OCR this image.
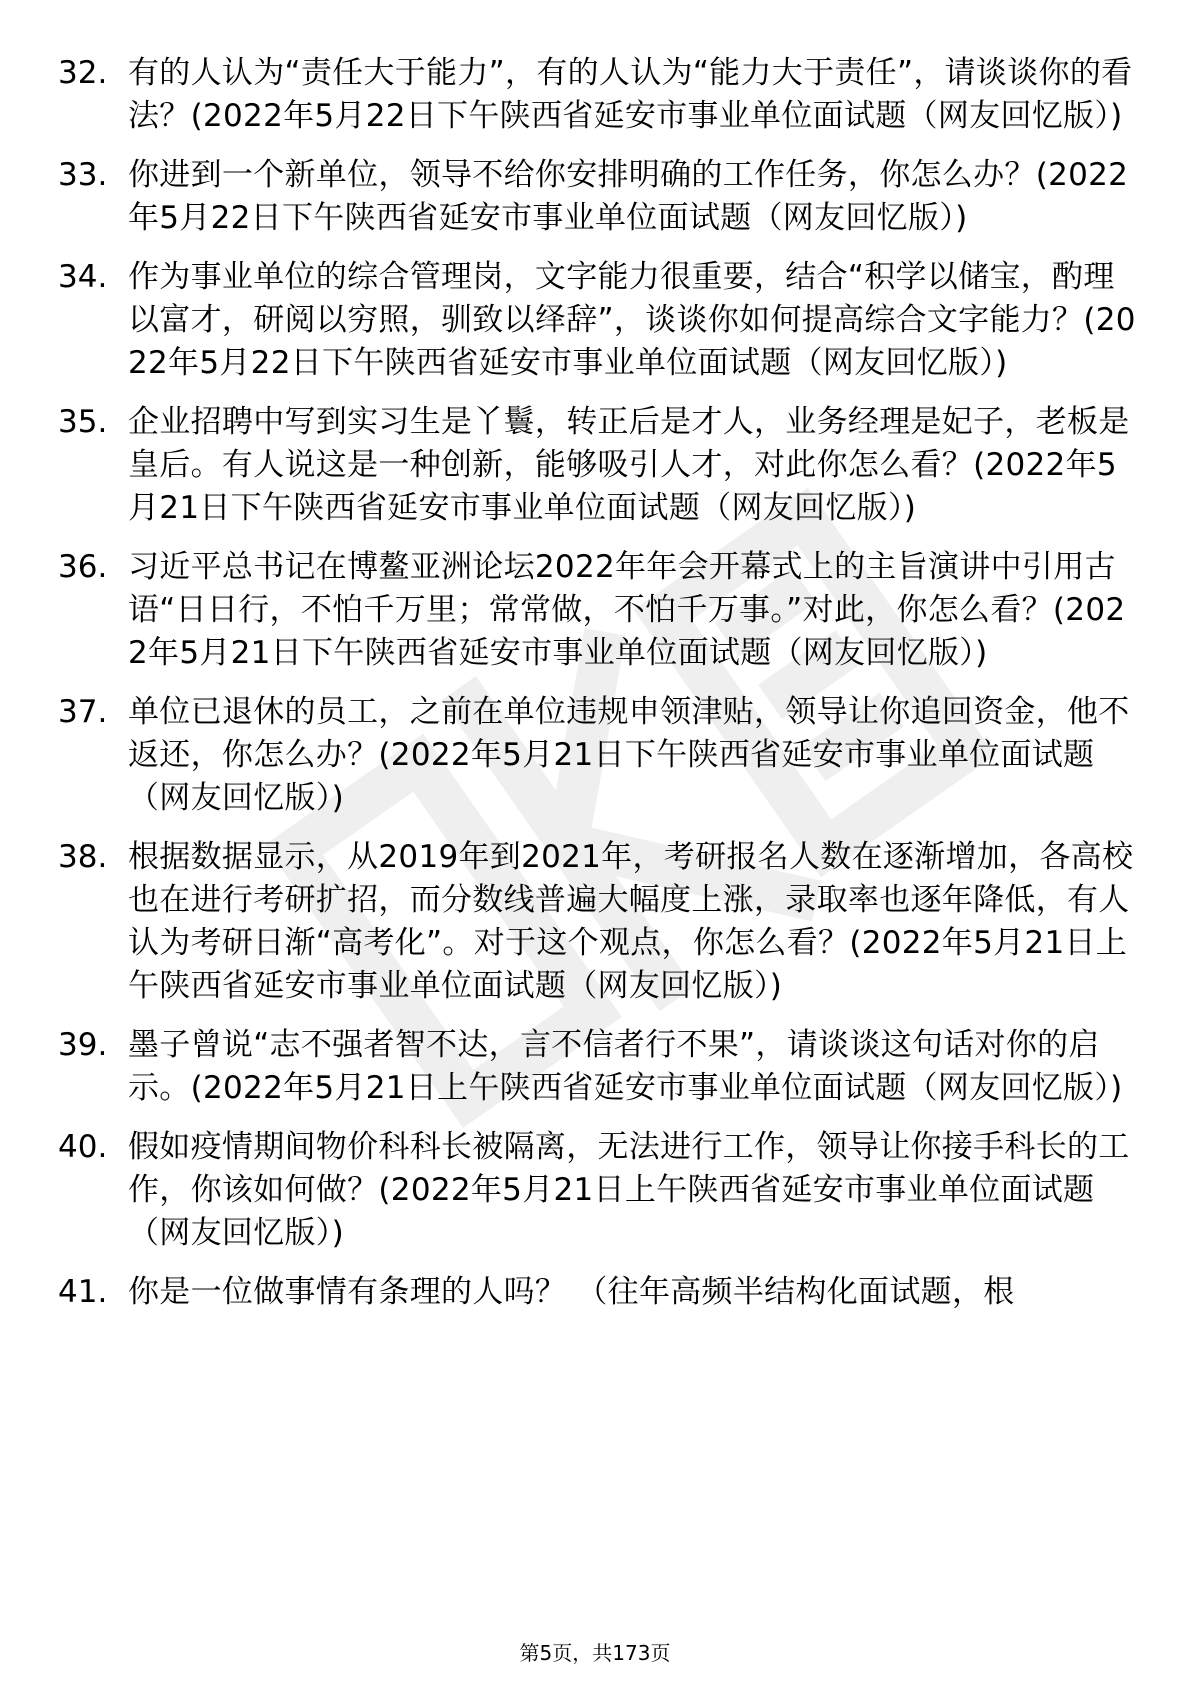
32. 有的人认为“责任大于能力”，有的人认为“能力大于责任”，请谈谈你的看法？(2022年5月22日下午陕西省延安市事业单位面试题（网友回忆版）)
33. 你进到一个新单位，领导不给你安排明确的工作任务，你怎么办？(2022年5月22日下午陕西省延安市事业单位面试题（网友回忆版）)
34. 作为事业单位的综合管理岗，文字能力很重要，结合“积学以储宝，酌理以富才，研阅以穷照，驯致以绎辞”，谈谈你如何提高综合文字能力？(2022年5月22日下午陕西省延安市事业单位面试题（网友回忆版）)
35. 企业招聘中写到实习生是丫鬟，转正后是才人，业务经理是妃子，老板是皇后。有人说这是一种创新，能够吸引人才，对此你怎么看？(2022年5月21日下午陕西省延安市事业单位面试题（网友回忆版）)
36. 习近平总书记在博鳌亚洲论坛2022年年会开幕式上的主旨演讲中引用古语“日日行，不怕千万里；常常做，不怕千万事。”对此，你怎么看？(2022年5月21日下午陕西省延安市事业单位面试题（网友回忆版）)
37. 单位已退休的员工，之前在单位违规申领津贴，领导让你追回资金，他不返还，你怎么办？(2022年5月21日下午陕西省延安市事业单位面试题（网友回忆版）)
38. 根据数据显示，从2019年到2021年，考研报名人数在逐渐增加，各高校也在进行考研扩招，而分数线普遍大幅度上涨，录取率也逐年降低，有人认为考研日渐“高考化”。对于这个观点，你怎么看？(2022年5月21日上午陕西省延安市事业单位面试题（网友回忆版）)
39. 墨子曾说“志不强者智不达，言不信者行不果”，请谈谈这句话对你的启示。(2022年5月21日上午陕西省延安市事业单位面试题（网友回忆版）)
40. 假如疫情期间物价科科长被隔离，无法进行工作，领导让你接手科长的工作，你该如何做？(2022年5月21日上午陕西省延安市事业单位面试题（网友回忆版）)
41. 你是一位做事情有条理的人吗？ （往年高频半结构化面试题，根
第5页，共173页
